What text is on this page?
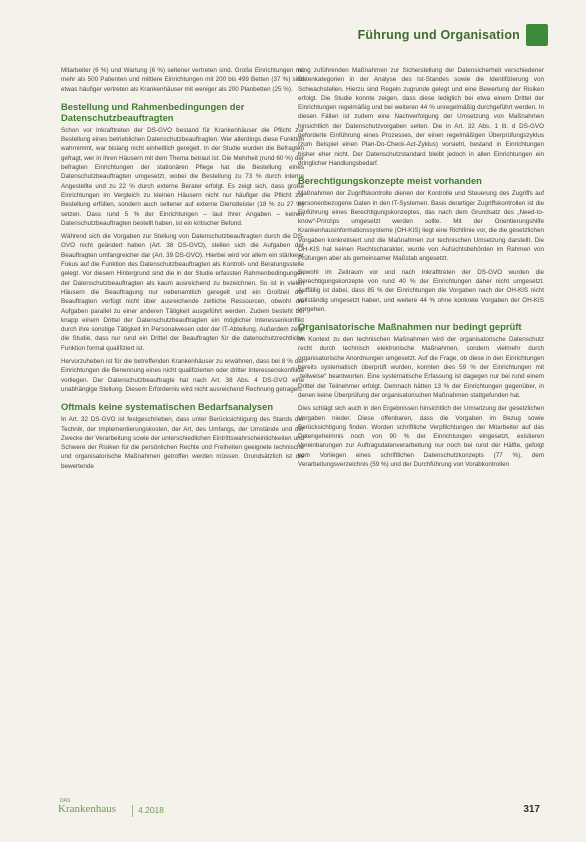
Führung und Organisation

Mitarbeiter (6 %) und Wartung (6 %) seltener vertreten sind. Große Einrichtungen mit mehr als 500 Patienten und mittlere Einrichtungen mit 200 bis 499 Betten (37 %) sind etwas häufiger vertreten als Krankenhäuser mit weniger als 200 Planbetten (25 %).

Bestellung und Rahmenbedingungen der Datenschutzbeauftragten

Schon vor Inkrafttreten der DS-GVO bestand für Krankenhäuser die Pflicht zur Bestellung eines betrieblichen Datenschutzbeauftragten. Wer allerdings diese Funktion wahrnimmt, war bislang nicht einheitlich geregelt. In der Studie wurden die Befragten gefragt, wer in ihren Häusern mit dem Thema betraut ist. Die Mehrheit (rund 60 %) der befragten Einrichtungen der stationären Pflege hat die Bestellung eines Datenschutzbeauftragten umgesetzt, wobei die Bestellung zu 73 % durch interne Angestellte und zu 22 % durch externe Berater erfolgt. Es zeigt sich, dass große Einrichtungen im Vergleich zu kleinen Häusern nicht nur häufiger die Pflicht zur Bestellung erfüllen, sondern auch seltener auf externe Dienstleister (18 % zu 27 %) setzen. Dass rund 5 % der Einrichtungen – laut ihrer Angaben – keinen Datenschutzbeauftragten bestellt haben, ist ein kritischer Befund.

Während sich die Vorgaben zur Stellung von Datenschutzbeauftragten durch die DS-GVO nicht geändert haben (Art. 38 DS-GVO), stellen sich die Aufgaben der Beauftragten umfangreicher dar (Art. 39 DS-GVO). Hierbei wird vor allem ein stärkerer Fokus auf die Funktion des Datenschutzbeauftragten als Kontroll- und Beratungsstelle gelegt. Vor diesem Hintergrund sind die in der Studie erfassten Rahmenbedingungen der Datenschutzbeauftragten als kaum ausreichend zu bezeichnen. So ist in vielen Häusern die Beauftragung nur nebenamtlich geregelt und ein Großteil der Beauftragten verfügt nicht über ausreichende zeitliche Ressourcen, obwohl die Aufgaben parallel zu einer anderen Tätigkeit ausgeführt werden. Zudem besteht bei knapp einem Drittel der Datenschutzbeauftragten ein möglicher Interessenkonflikt durch ihre sonstige Tätigkeit im Personalwesen oder der IT-Abteilung. Außerdem zeigt die Studie, dass nur rund ein Drittel der Beauftragten für die datenschutzrechtliche Funktion formal qualifiziert ist.

Hervorzuheben ist für die betreffenden Krankenhäuser zu erwähnen, dass bei 8 % der Einrichtungen die Benennung eines nicht qualifizierten oder dritter Interessenskonflikte vorliegen. Der Datenschutzbeauftragte hat nach Art. 38 Abs. 4 DS-GVO eine unabhängige Stellung. Diesem Erfordernis wird nicht ausreichend Rechnung getragen.

Oftmals keine systematischen Bedarfsanalysen

In Art. 32 DS-GVO ist festgeschrieben, dass unter Berücksichtigung des Stands der Technik, der Implementierungskosten, der Art, des Umfangs, der Umstände und der Zwecke der Verarbeitung sowie der unterschiedlichen Eintrittswahrscheinlichkeiten und Schwere der Risiken für die persönlichen Rechte und Freiheiten geeignete technische und organisatorische Maßnahmen getroffen werden müssen. Grundsätzlich ist die bewertende

rung zuführenden Maßnahmen zur Sicherstellung der Datensicherheit verschiedener Datenkategorien in der Analyse des Ist-Standes sowie die Identifizierung von Schwachstellen. Hierzu sind Regeln zugrunde gelegt und eine Bewertung der Risiken erfolgt. Die Studie konnte zeigen, dass diese lediglich bei etwa einem Drittel der Einrichtungen regelmäßig und bei weiteren 44 % unregelmäßig durchgeführt werden. In diesen Fällen ist zudem eine Nachverfolgung der Umsetzung von Maßnahmen hinsichtlich der Datenschutzvorgaben selten. Die in Art. 32 Abs. 1 lit. d DS-GVO geforderte Einführung eines Prozesses, der einen regelmäßigen Überprüfungszyklus (zum Beispiel einen Plan-Do-Check-Act-Zyklus) vorsieht, bestand in Einrichtungen bisher eher nicht. Der Datenschutzstandard bleibt jedoch in allen Einrichtungen ein dringlicher Handlungsbedarf.

Berechtigungskonzepte meist vorhanden

Maßnahmen der Zugriffskontrolle dienen der Kontrolle und Steuerung des Zugriffs auf personenbezogene Daten in den IT-Systemen. Basis derartiger Zugriffskontrollen ist die Einführung eines Berechtigungskonzeptes, das nach dem Grundsatz des „Need-to-know“-Prinzips umgesetzt werden sollte. Mit der Orientierungshilfe Krankenhausinformationssysteme (OH-KIS) liegt eine Richtlinie vor, die die gesetzlichen Vorgaben konkretisiert und die Maßnahmen zur technischen Umsetzung darstellt. Die OH-KIS hat keinen Rechtscharakter, wurde von Aufsichtsbehörden im Rahmen von Prüfungen aber als gemeinsamer Maßstab angesetzt.

Sowohl im Zeitraum vor und nach Inkrafttreten der DS-GVO wurden die Berechtigungskonzepte von rund 40 % der Einrichtungen daher nicht umgesetzt. Auffällig ist dabei, dass 85 % der Einrichtungen die Vorgaben nach der OH-KIS nicht vollständig umgesetzt haben, und weitere 44 % ohne konkrete Vorgaben der OH-KIS vorgehen.

Organisatorische Maßnahmen nur bedingt geprüft

Im Kontext zu den technischen Maßnahmen wird der organisatorische Datenschutz recht durch technisch elektronische Maßnahmen, sondern vielmehr durch organisatorische Anordnungen umgesetzt. Auf die Frage, ob diese in den Einrichtungen bereits systematisch überprüft wurden, konnten dies 59 % der Einrichtungen mit „teilweise“ beantworten. Eine systematische Erfassung ist dagegen nur bei rund einem Drittel der Teilnehmer erfolgt. Demnach hätten 13 % der Einrichtungen gegenüber, in denen keine Überprüfung der organisatorischen Maßnahmen stattgefunden hat.

Dies schlägt sich auch in den Ergebnissen hinsichtlich der Umsetzung der gesetzlichen Vorgaben nieder. Diese offenbaren, dass die Vorgaben im Bezug sowie Berücksichtigung finden. Worden schriftliche Verpflichtungen der Mitarbeiter auf das Datengeheimnis noch von 90 % der Einrichtungen eingesetzt, existieren Vereinbarungen zur Auftragsdatenverarbeitung nur noch bei rund der Hälfte, gefolgt vom Vorliegen eines schriftlichen Datenschutzkonzepts (77 %), dem Verarbeitungsverzeichnis (59 %) und der Durchführung von Vorabkontrollen

DAS
Krankenhaus	4.2018	317
